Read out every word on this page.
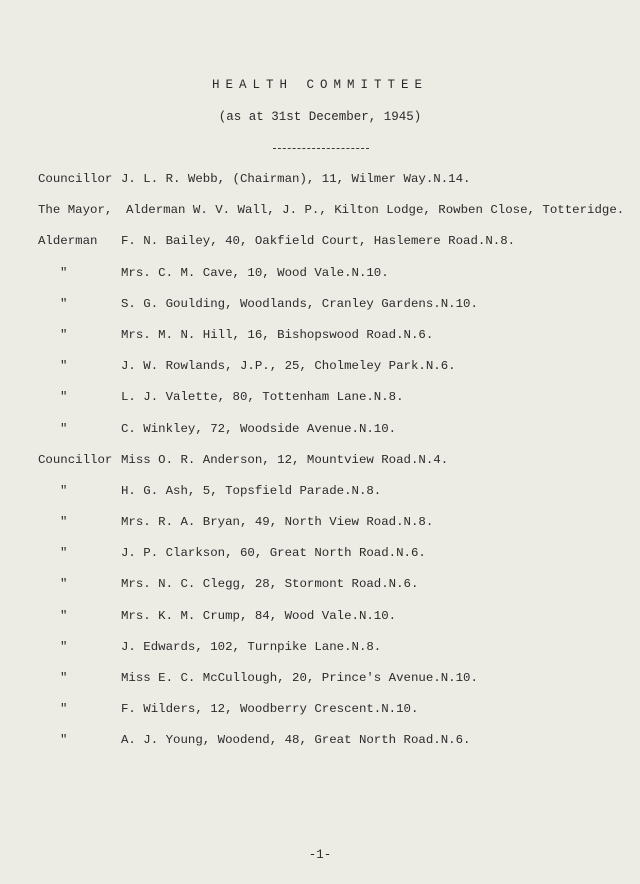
HEALTH COMMITTEE
(as at 31st December, 1945)
Councillor J. L. R. Webb, (Chairman), 11, Wilmer Way.N.14.
The Mayor, Alderman W. V. Wall, J. P., Kilton Lodge, Rowben Close, Totteridge.
Alderman F. N. Bailey, 40, Oakfield Court, Haslemere Road.N.8.
"	Mrs. C. M. Cave, 10, Wood Vale.N.10.
"	S. G. Goulding, Woodlands, Cranley Gardens.N.10.
"	Mrs. M. N. Hill, 16, Bishopswood Road.N.6.
"	J. W. Rowlands, J.P., 25, Cholmeley Park.N.6.
"	L. J. Valette, 80, Tottenham Lane.N.8.
"	C. Winkley, 72, Woodside Avenue.N.10.
Councillor Miss O. R. Anderson, 12, Mountview Road.N.4.
"	H. G. Ash, 5, Topsfield Parade.N.8.
"	Mrs. R. A. Bryan, 49, North View Road.N.8.
"	J. P. Clarkson, 60, Great North Road.N.6.
"	Mrs. N. C. Clegg, 28, Stormont Road.N.6.
"	Mrs. K. M. Crump, 84, Wood Vale.N.10.
"	J. Edwards, 102, Turnpike Lane.N.8.
"	Miss E. C. McCullough, 20, Prince's Avenue.N.10.
"	F. Wilders, 12, Woodberry Crescent.N.10.
"	A. J. Young, Woodend, 48, Great North Road.N.6.
-1-
